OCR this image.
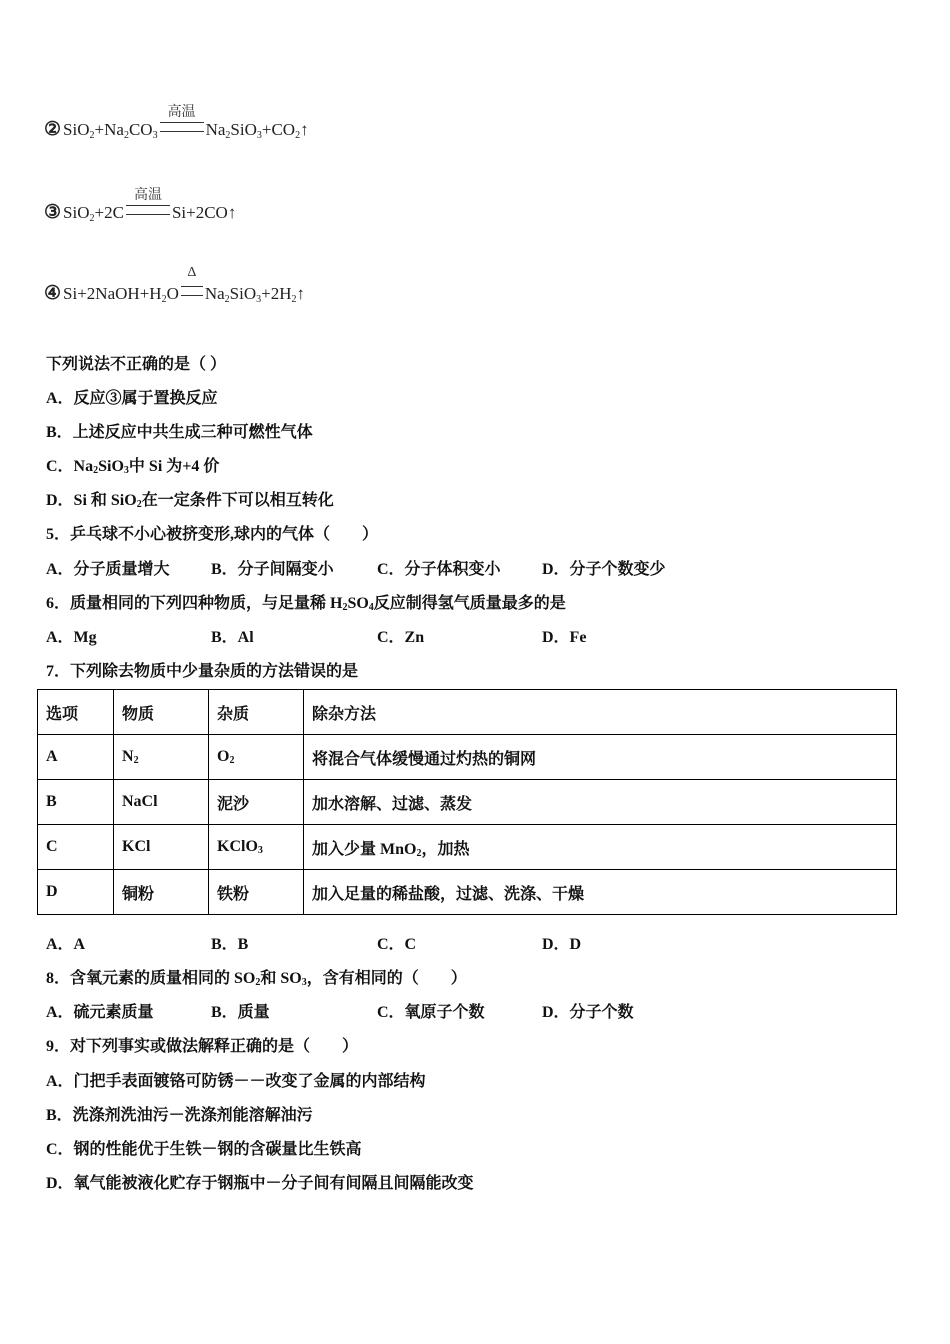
② $SiO_2+Na_2CO_3$
高温
$Na_2SiO_3+CO_2↑$
③ SiO$_2$+2C
高温
Si+2CO↑
④ $Si+2NaOH+H_2O$
Δ
$Na_2SiO_3+2H_2↑$
下列说法不正确的是（ ）
A．反应③属于置换反应
B．上述反应中共生成三种可燃性气体
C．$Na_2SiO_3$中 Si 为+4 价
D．Si 和 SiO$_2$在一定条件下可以相互转化
5．乒乓球不小心被挤变形,球内的气体（　　）
A．分子质量增大	B．分子间隔变小	C．分子体积变小	D．分子个数变少
6．质量相同的下列四种物质，与足量稀 $H_2SO_4$反应制得氢气质量最多的是
A．Mg	B．Al	C．Zn	D．Fe
7．下列除去物质中少量杂质的方法错误的是
选项	物质	杂质	除杂方法
A	$N_2$	$O_2$	将混合气体缓慢通过灼热的铜网
B	NaCl	泥沙	加水溶解、过滤、蒸发
C	KCl	KClO$_3$	加入少量 MnO$_2$，加热
D	铜粉	铁粉	加入足量的稀盐酸，过滤、洗涤、干燥
A．A	B．B	C．C	D．D
8．含氧元素的质量相同的 $SO_2$和 $SO_3$，含有相同的（　　）
A．硫元素质量	B．质量	C．氧原子个数	D．分子个数
9．对下列事实或做法解释正确的是（　　）
A．门把手表面镀铬可防锈－－改变了金属的内部结构
B．洗涤剂洗油污－洗涤剂能溶解油污
C．钢的性能优于生铁－钢的含碳量比生铁高
D．氧气能被液化贮存于钢瓶中－分子间有间隔且间隔能改变
